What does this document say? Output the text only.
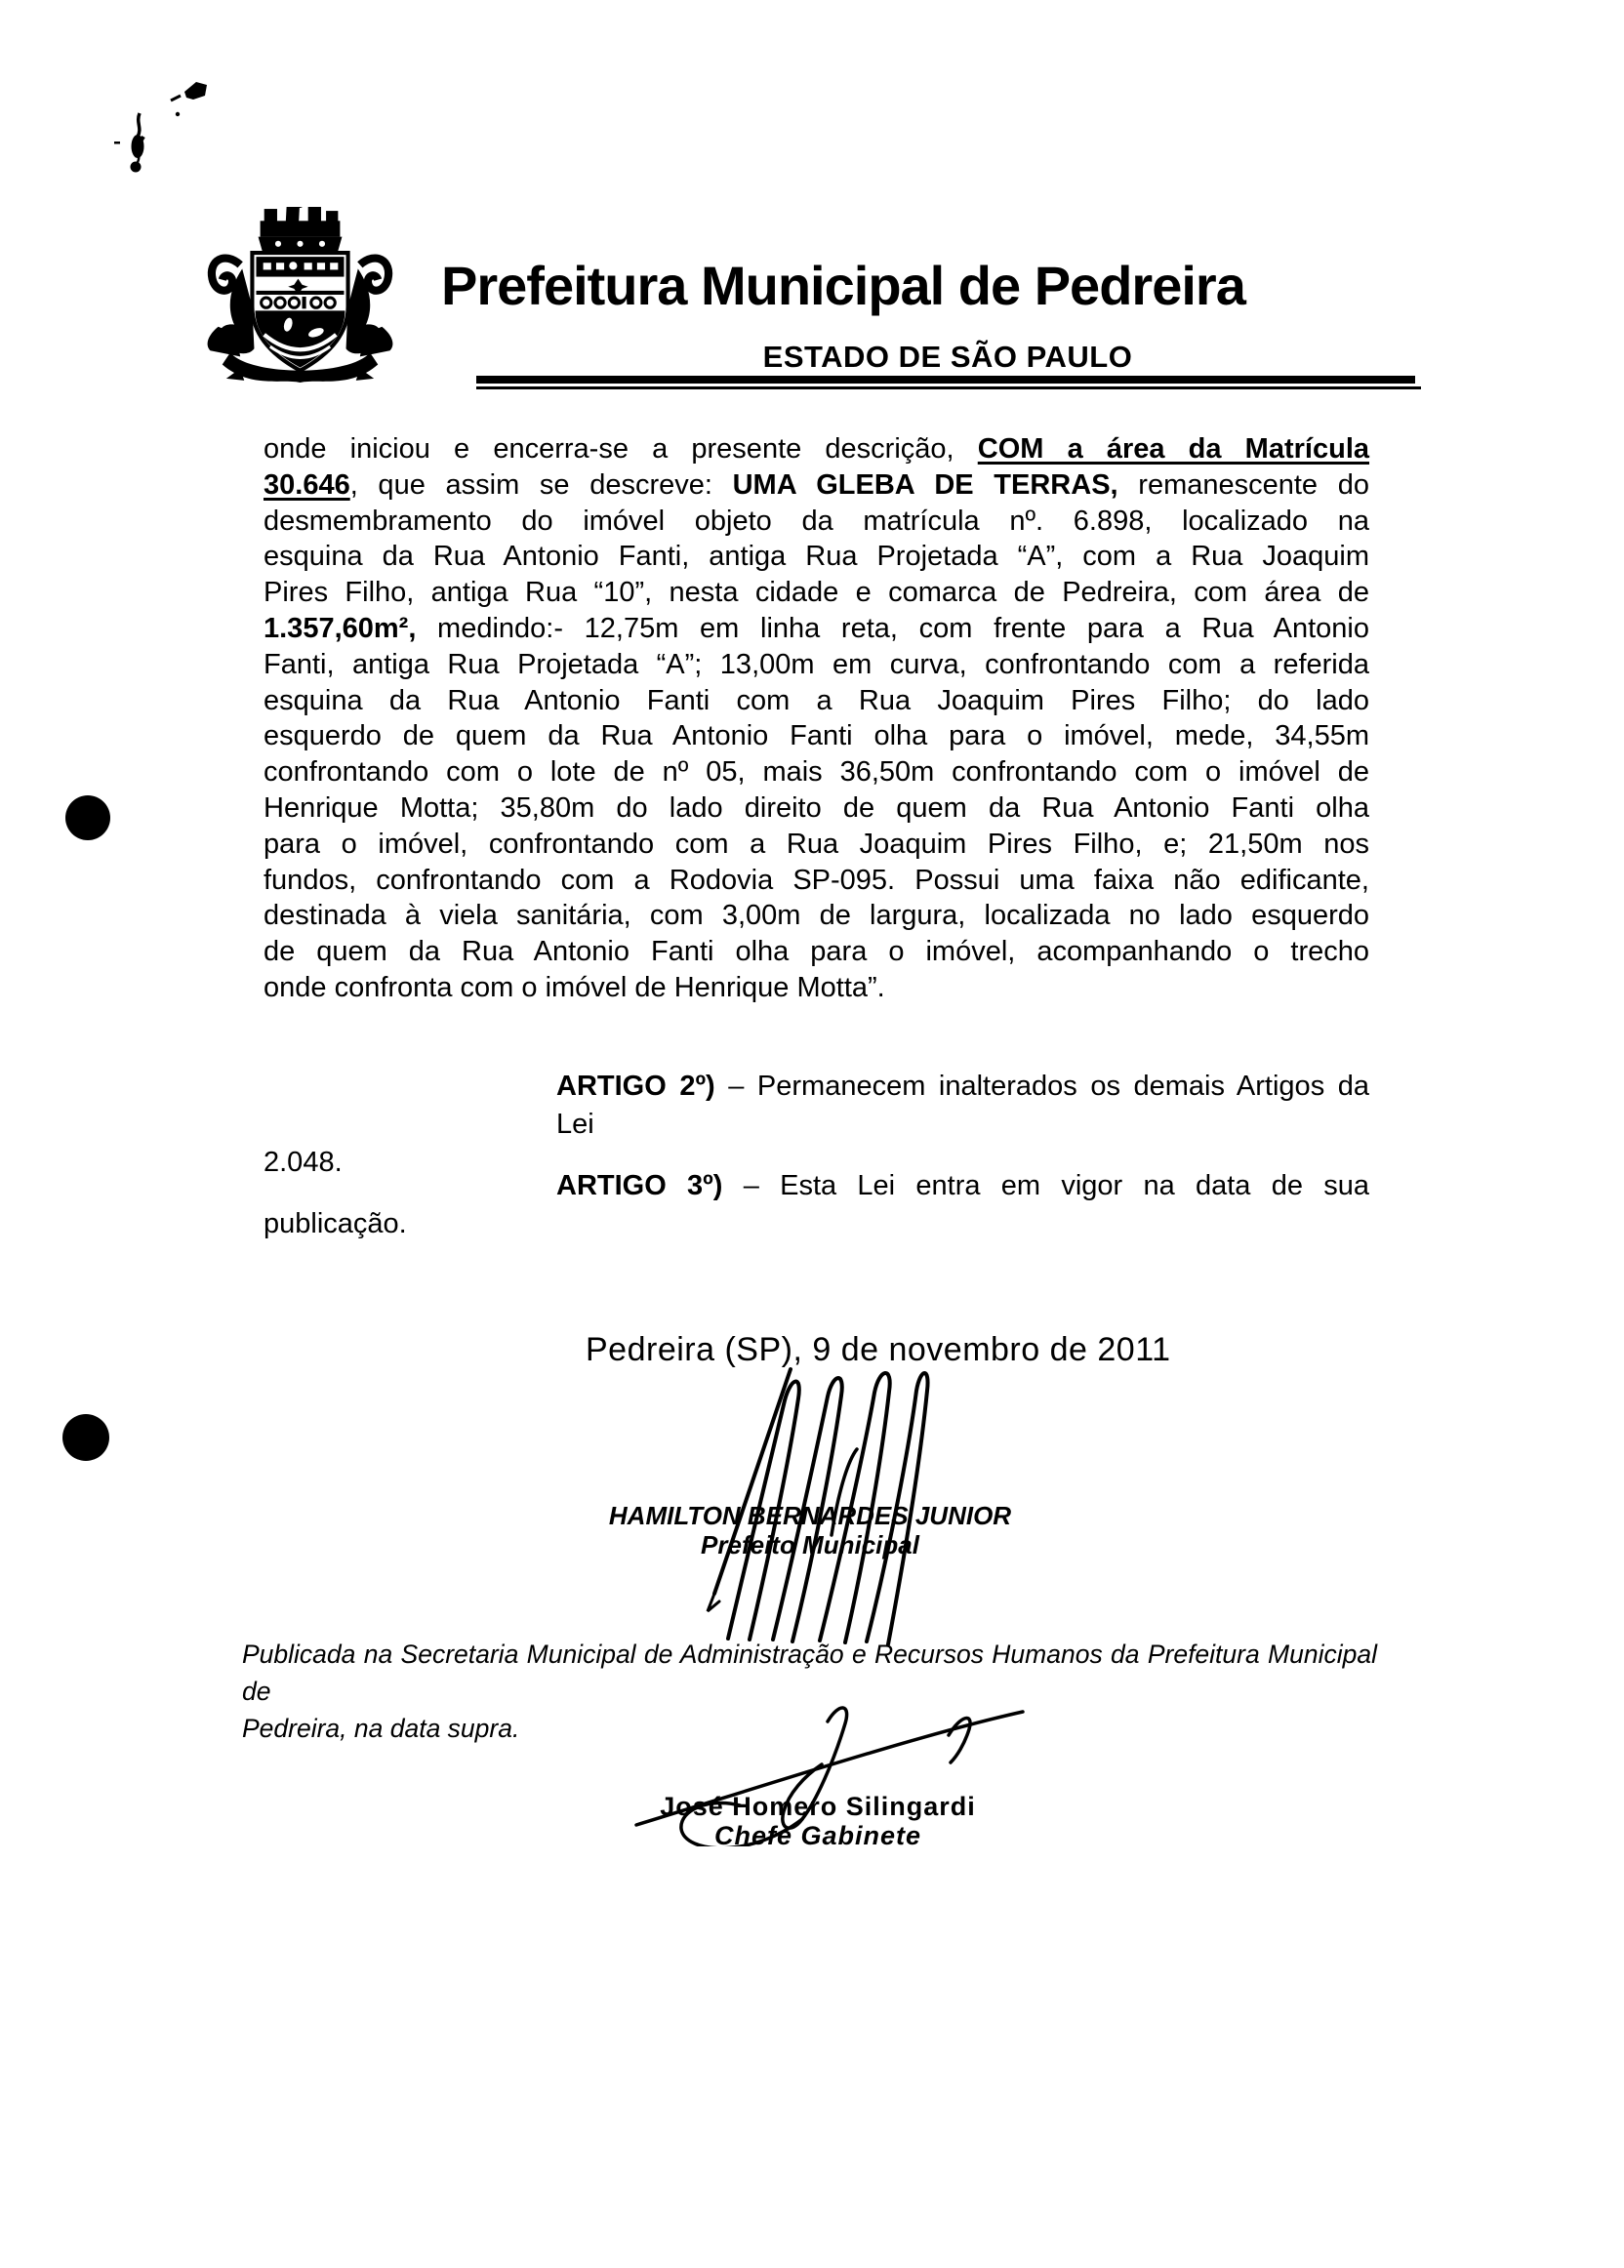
Prefeitura Municipal de Pedreira
ESTADO DE SÃO PAULO
onde iniciou e encerra-se a presente descrição, COM a área da Matrícula
30.646, que assim se descreve: UMA GLEBA DE TERRAS, remanescente do
desmembramento do imóvel objeto da matrícula nº. 6.898, localizado na
esquina da Rua Antonio Fanti, antiga Rua Projetada “A”, com a Rua Joaquim
Pires Filho, antiga Rua “10”, nesta cidade e comarca de Pedreira, com área de
1.357,60m², medindo:- 12,75m em linha reta, com frente para a Rua Antonio
Fanti, antiga Rua Projetada “A”; 13,00m em curva, confrontando com a referida
esquina da Rua Antonio Fanti com a Rua Joaquim Pires Filho; do lado
esquerdo de quem da Rua Antonio Fanti olha para o imóvel, mede, 34,55m
confrontando com o lote de nº 05, mais 36,50m confrontando com o imóvel de
Henrique Motta; 35,80m do lado direito de quem da Rua Antonio Fanti olha
para o imóvel, confrontando com a Rua Joaquim Pires Filho, e; 21,50m nos
fundos, confrontando com a Rodovia SP-095. Possui uma faixa não edificante,
destinada à viela sanitária, com 3,00m de largura, localizada no lado esquerdo
de quem da Rua Antonio Fanti olha para o imóvel, acompanhando o trecho
onde confronta com o imóvel de Henrique Motta”.
ARTIGO 2º) – Permanecem inalterados os demais Artigos da Lei
2.048.
ARTIGO 3º) – Esta Lei entra em vigor na data de sua
publicação.
Pedreira (SP), 9 de novembro de 2011
HAMILTON BERNARDES JUNIOR
Prefeito Municipal
Publicada na Secretaria Municipal de Administração e Recursos Humanos da Prefeitura Municipal de
Pedreira, na data supra.
José Homero Silingardi
Chefe Gabinete
